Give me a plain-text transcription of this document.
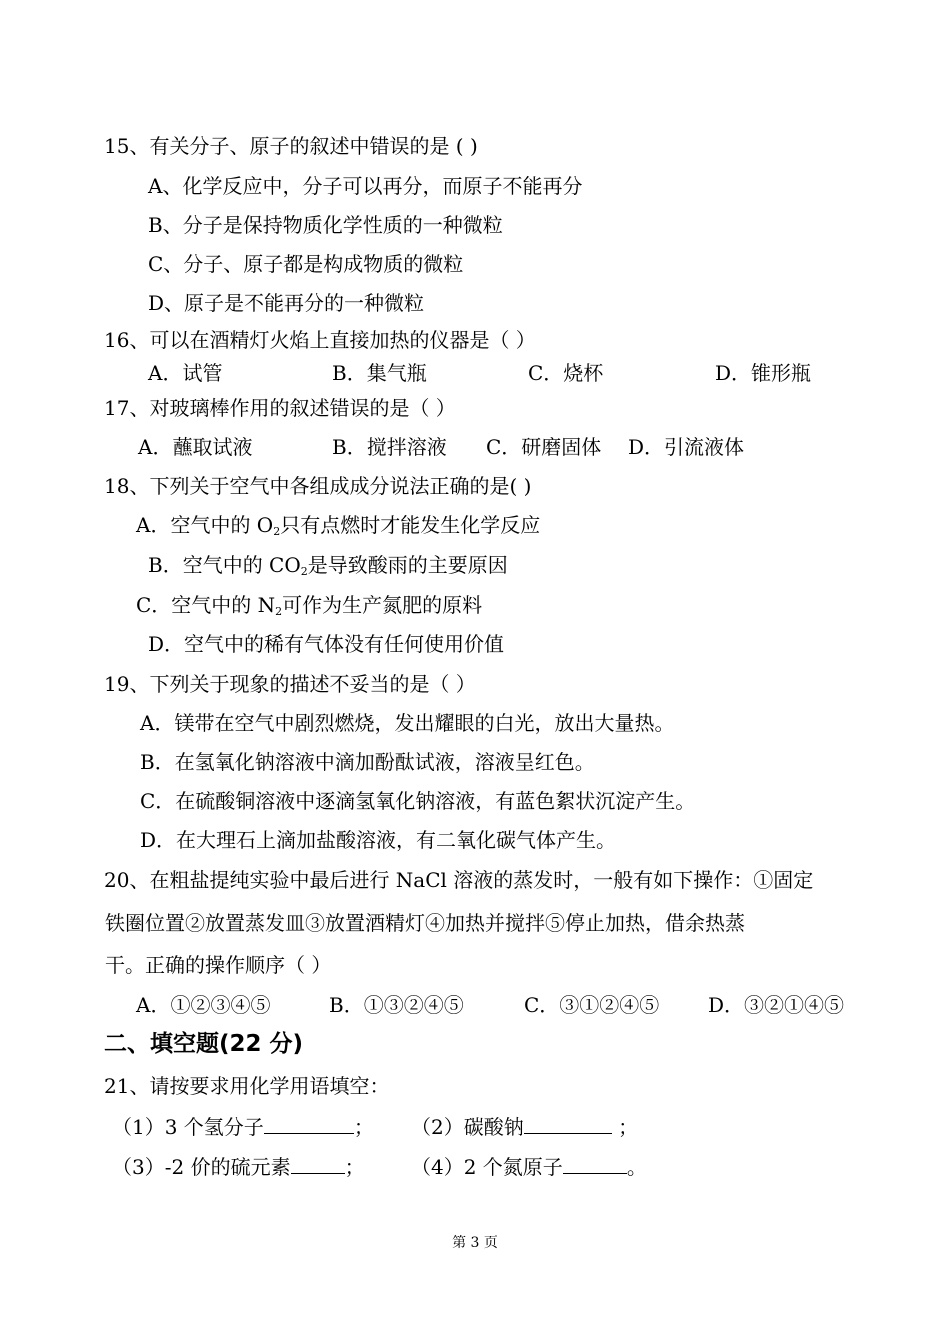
15、有关分子、原子的叙述中错误的是 ( )
A、化学反应中，分子可以再分，而原子不能再分
B、分子是保持物质化学性质的一种微粒
C、分子、原子都是构成物质的微粒
D、原子是不能再分的一种微粒
16、可以在酒精灯火焰上直接加热的仪器是（ ）
A．试管	B．集气瓶	C．烧杯	D．锥形瓶
17、对玻璃棒作用的叙述错误的是（ ）
A．蘸取试液	B．搅拌溶液 C．研磨固体 D．引流液体
18、下列关于空气中各组成成分说法正确的是( )
A．空气中的 $O_2$只有点燃时才能发生化学反应
B．空气中的 $CO_2$是导致酸雨的主要原因
C．空气中的 $N_2$可作为生产氮肥的原料
D．空气中的稀有气体没有任何使用价值
19、下列关于现象的描述不妥当的是（ ）
A．镁带在空气中剧烈燃烧，发出耀眼的白光，放出大量热。
B．在氢氧化钠溶液中滴加酚酞试液，溶液呈红色。
C．在硫酸铜溶液中逐滴氢氧化钠溶液，有蓝色絮状沉淀产生。
D．在大理石上滴加盐酸溶液，有二氧化碳气体产生。
20、在粗盐提纯实验中最后进行 NaCl 溶液的蒸发时，一般有如下操作：①固定
铁圈位置②放置蒸发皿③放置酒精灯④加热并搅拌⑤停止加热，借余热蒸
干。正确的操作顺序（ ）
A．①②③④⑤	B．①③②④⑤	C．③①②④⑤ D．③②①④⑤
二、填空题(22 分)
21、请按要求用化学用语填空：
（1）3 个氢分子	； （2）碳酸钠	；
（3）-2 价的硫元素	； （4）2 个氮原子	。
第 3 页
